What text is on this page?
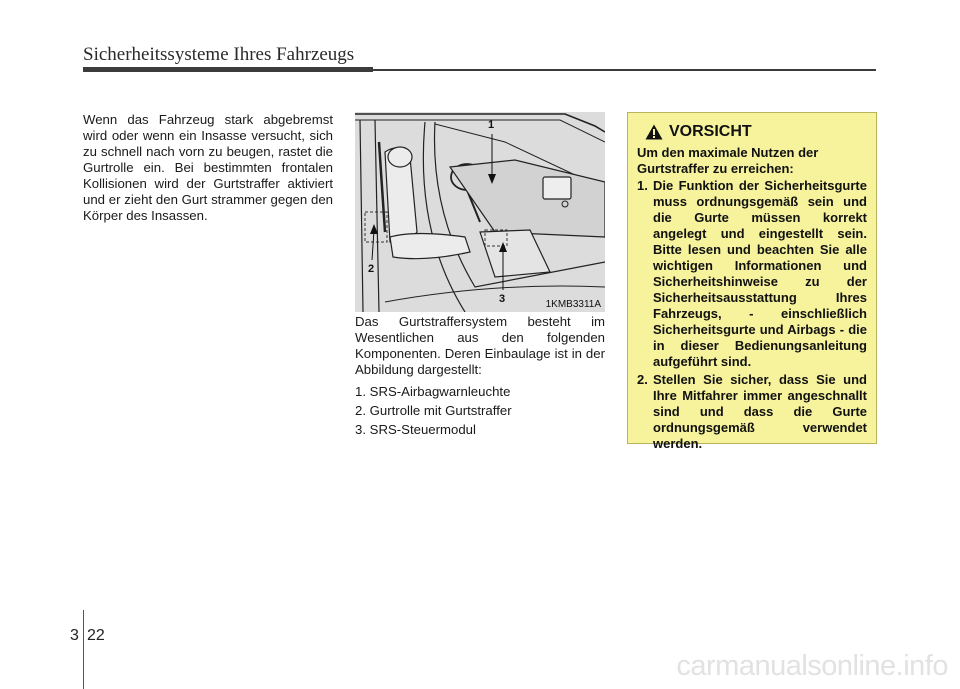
Sicherheitssysteme Ihres Fahrzeugs
Wenn das Fahrzeug stark abgebremst wird oder wenn ein Insasse versucht, sich zu schnell nach vorn zu beugen, rastet die Gurtrolle ein. Bei bestimmten frontalen Kollisionen wird der Gurtstraffer aktiviert und er zieht den Gurt strammer gegen den Körper des Insassen.
1
2
3	1KMB3311A

Das Gurtstraffersystem besteht im Wesentlichen aus den folgenden Komponenten. Deren Einbaulage ist in der Abbildung dargestellt:

1. SRS-Airbagwarnleuchte
2. Gurtrolle mit Gurtstraffer
3. SRS-Steuermodul
VORSICHT

Um den maximale Nutzen der Gurtstraffer zu erreichen:

1. Die Funktion der Sicherheitsgurte muss ordnungsgemäß sein und die Gurte müssen korrekt angelegt und eingestellt sein. Bitte lesen und beachten Sie alle wichtigen Informationen und Sicherheitshinweise zu der Sicherheitsausstattung Ihres Fahrzeugs, - einschließlich Sicherheitsgurte und Airbags - die in dieser Bedienungsanleitung aufgeführt sind.
2. Stellen Sie sicher, dass Sie und Ihre Mitfahrer immer angeschnallt sind und dass die Gurte ordnungsgemäß verwendet werden.
3 22
carmanualsonline.info
